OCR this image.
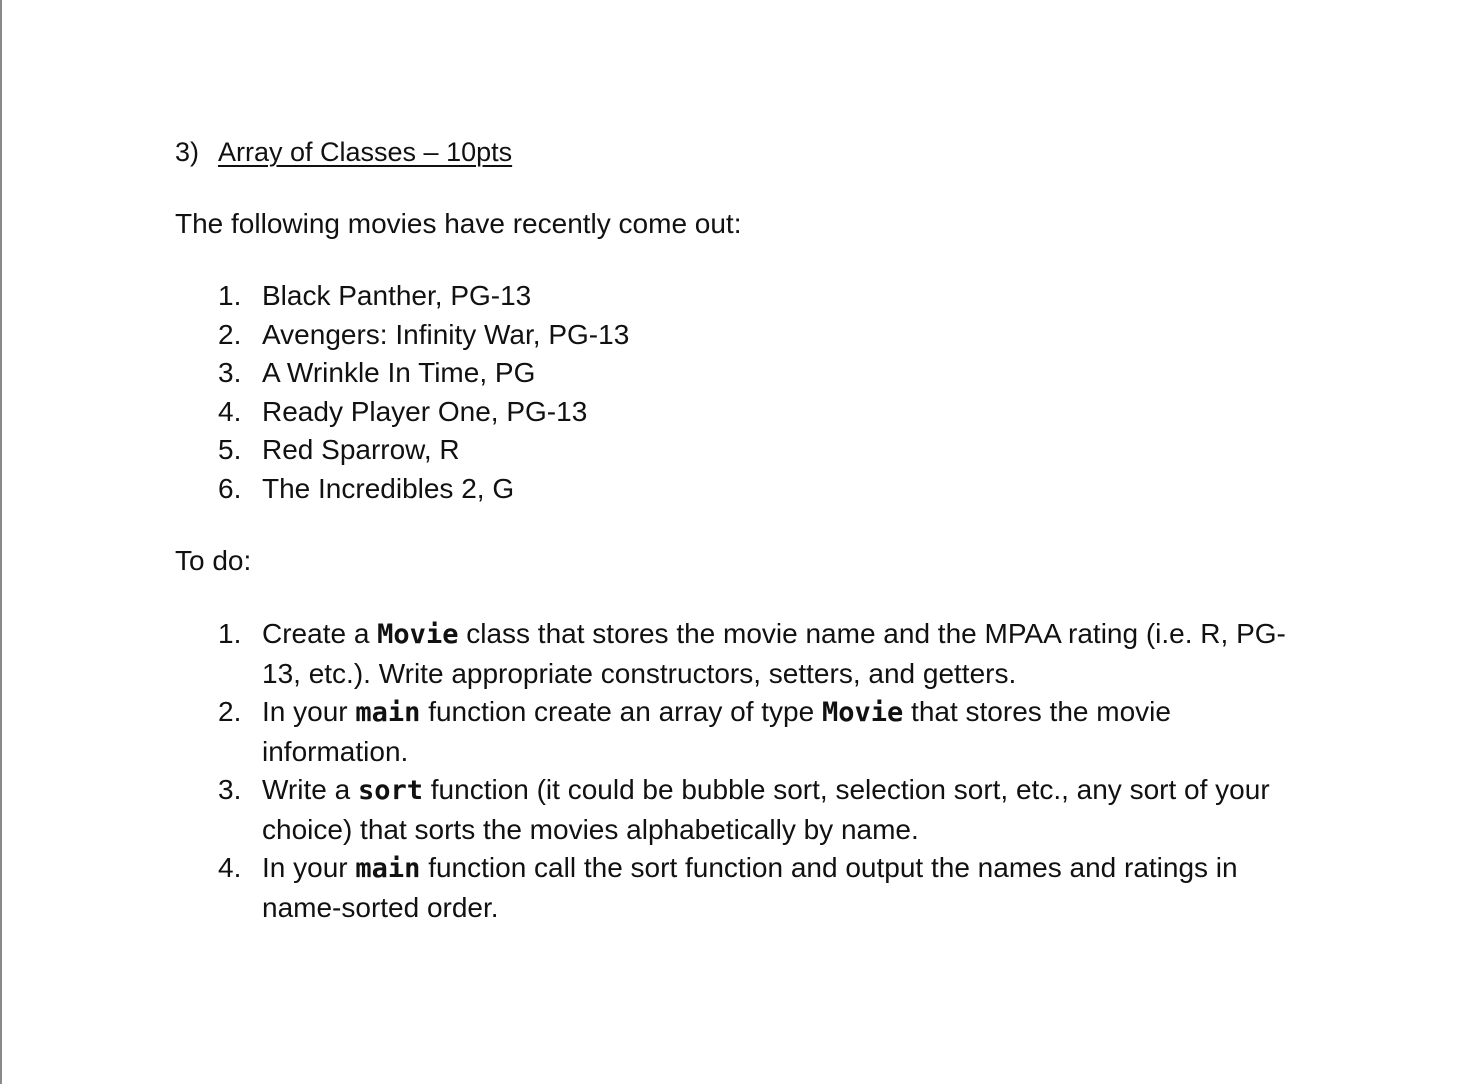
3) Array of Classes – 10pts
The following movies have recently come out:
1. Black Panther, PG-13
2. Avengers: Infinity War, PG-13
3. A Wrinkle In Time, PG
4. Ready Player One, PG-13
5. Red Sparrow, R
6. The Incredibles 2, G
To do:
1. Create a Movie class that stores the movie name and the MPAA rating (i.e. R, PG-13, etc.). Write appropriate constructors, setters, and getters.
2. In your main function create an array of type Movie that stores the movie information.
3. Write a sort function (it could be bubble sort, selection sort, etc., any sort of your choice) that sorts the movies alphabetically by name.
4. In your main function call the sort function and output the names and ratings in name-sorted order.
